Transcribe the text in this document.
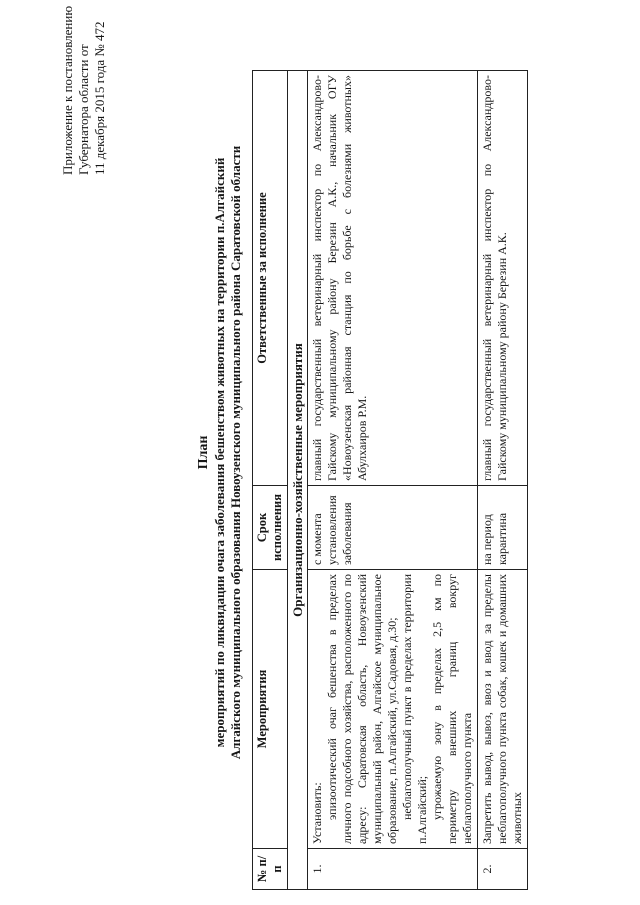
Приложение к постановлению Губернатора области от 11 декабря 2015 года № 472
План мероприятий по ликвидации очага заболевания бешенством животных на территории п.Алгайский Алгайского муниципального образования Новоузенского муниципального района Саратовской области
№ п/п	Мероприятия	Срок исполнения	Ответственные за исполнение
Организационно-хозяйственные мероприятия			
1.	Установить: эпизоотический очаг бешенства в пределах личного подсобного хозяйства, расположенного по адресу: Саратовская область, Новоузенский муниципальный район, Алгайское муниципальное образование, п.Алгайский, ул.Садовая, д.30; неблагополучный пункт в пределах территории п.Алгайский; угрожаемую зону в пределах 2,5 км по периметру внешних границ вокруг неблагополучного пункта	с момента установления заболевания	главный государственный ветеринарный инспектор по Александрово-Гайскому муниципальному району Березин А.К., начальник ОГУ «Новоузенская районная станция по борьбе с болезнями животных» Абулхаиров Р.М.
2.	Запретить вывод, вывоз, ввоз и ввод за пределы неблагополучного пункта собак, кошек и домашних животных	на период карантина	главный государственный ветеринарный инспектор по Александрово-Гайскому муниципальному району Березин А.К.
